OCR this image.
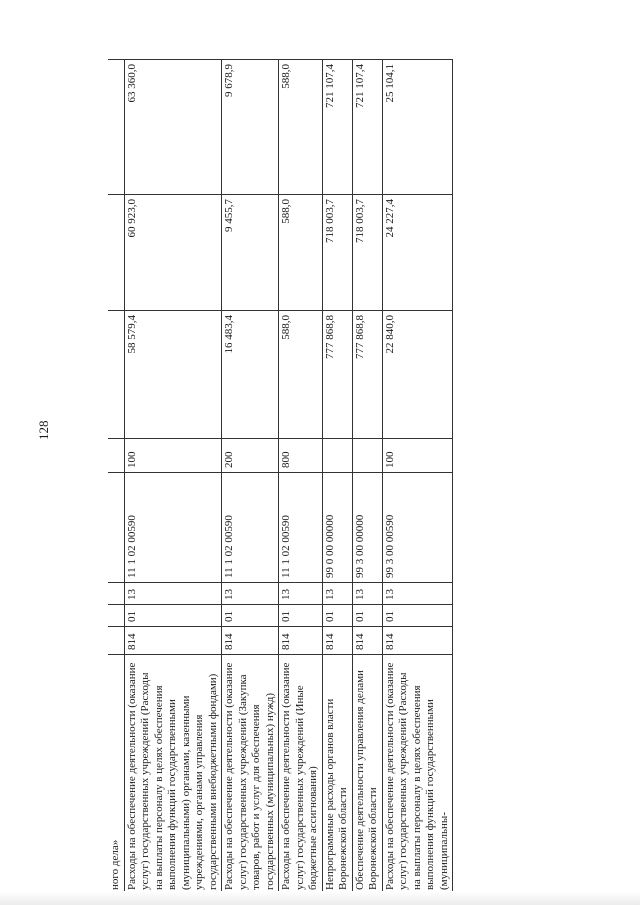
128
ного дела»								
Расходы на обеспечение деятельности (оказание услуг) государственных учреждений (Расходы на выплаты персоналу в целях обеспечения выполнения функций государственными (муниципальными) органами, казенными учреждениями, органами управления государственными внебюджетными фондами)	814	01	13	11 1 02 00590	100	58 579,4	60 923,0	63 360,0
Расходы на обеспечение деятельности (оказание услуг) государственных учреждений (Закупка товаров, работ и услуг для обеспечения государственных (муниципальных) нужд)	814	01	13	11 1 02 00590	200	16 483,4	9 455,7	9 678,9
Расходы на обеспечение деятельности (оказание услуг) государственных учреждений (Иные бюджетные ассигнования)	814	01	13	11 1 02 00590	800	588,0	588,0	588,0
Непрограммные расходы органов власти Воронежской области	814	01	13	99 0 00 00000		777 868,8	718 003,7	721 107,4
Обеспечение деятельности управления делами Воронежской области	814	01	13	99 3 00 00000		777 868,8	718 003,7	721 107,4
Расходы на обеспечение деятельности (оказание услуг) государственных учреждений (Расходы на выплаты персоналу в целях обеспечения выполнения функций государственными (муниципальны-	814	01	13	99 3 00 00590	100	22 840,0	24 227,4	25 104,1
